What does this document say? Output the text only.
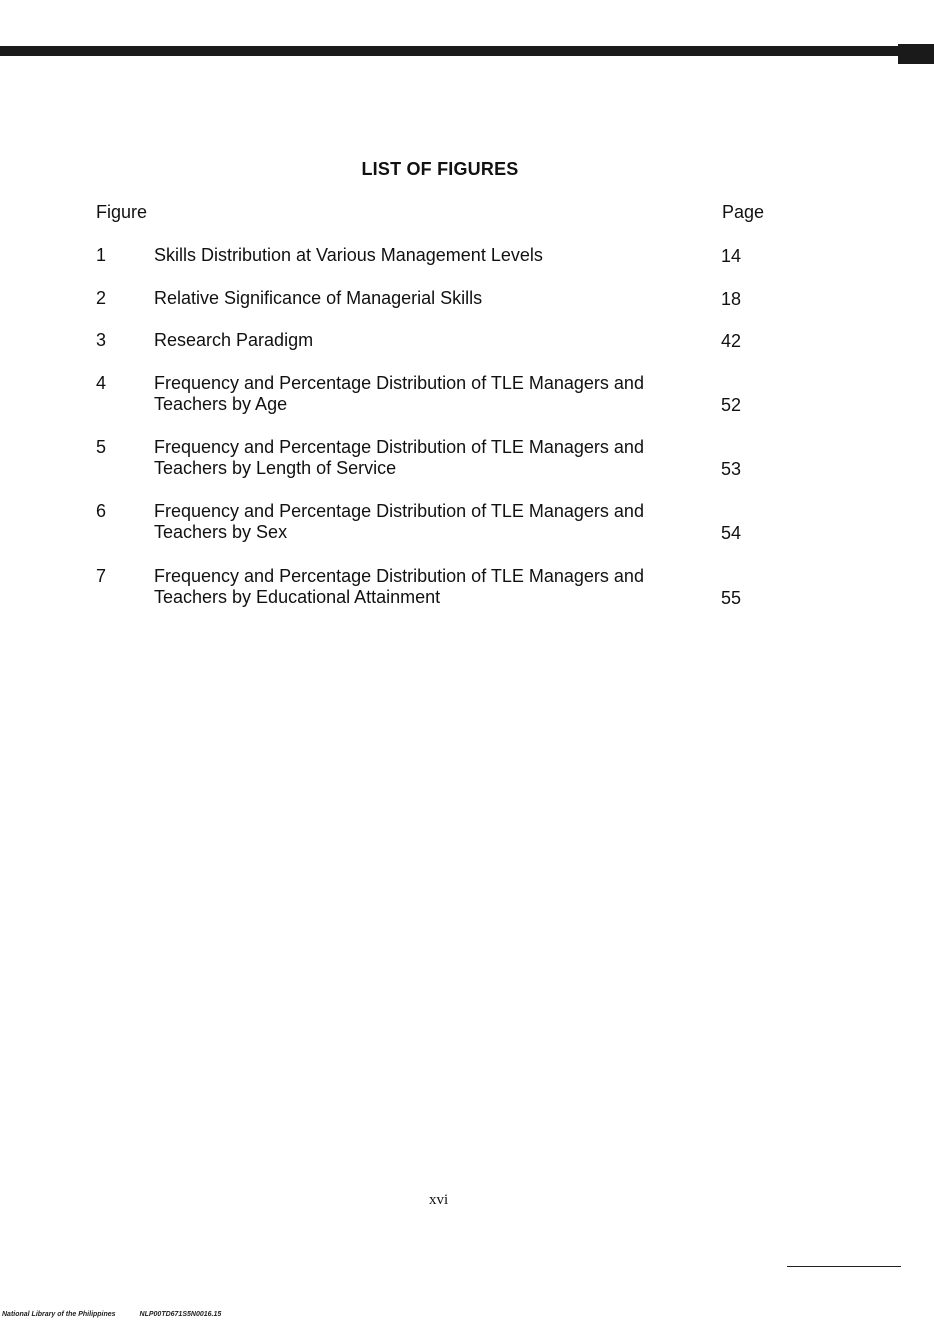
LIST OF FIGURES
Figure	Page
1	Skills Distribution at Various Management Levels	14
2	Relative Significance of Managerial Skills	18
3	Research Paradigm	42
4	Frequency and Percentage Distribution of TLE Managers and Teachers by Age	52
5	Frequency and Percentage Distribution of TLE Managers and Teachers by Length of Service	53
6	Frequency and Percentage Distribution of TLE Managers and Teachers by Sex	54
7	Frequency and Percentage Distribution of TLE Managers and Teachers by Educational Attainment	55
xvi
National Library of the Philippines	NLP00TD671S5N0016.15
